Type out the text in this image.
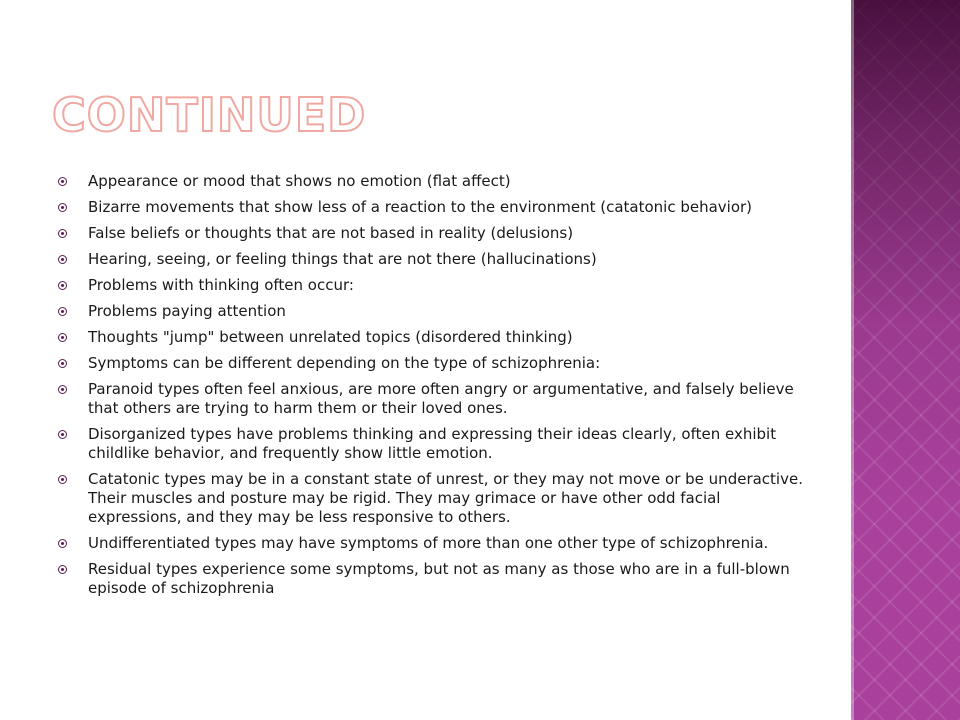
CONTINUED
Appearance or mood that shows no emotion (flat affect)
Bizarre movements that show less of a reaction to the environment (catatonic behavior)
False beliefs or thoughts that are not based in reality (delusions)
Hearing, seeing, or feeling things that are not there (hallucinations)
Problems with thinking often occur:
Problems paying attention
Thoughts "jump" between unrelated topics (disordered thinking)
Symptoms can be different depending on the type of schizophrenia:
Paranoid types often feel anxious, are more often angry or argumentative, and falsely believe that others are trying to harm them or their loved ones.
Disorganized types have problems thinking and expressing their ideas clearly, often exhibit childlike behavior, and frequently show little emotion.
Catatonic types may be in a constant state of unrest, or they may not move or be underactive. Their muscles and posture may be rigid. They may grimace or have other odd facial expressions, and they may be less responsive to others.
Undifferentiated types may have symptoms of more than one other type of schizophrenia.
Residual types experience some symptoms, but not as many as those who are in a full-blown episode of schizophrenia
